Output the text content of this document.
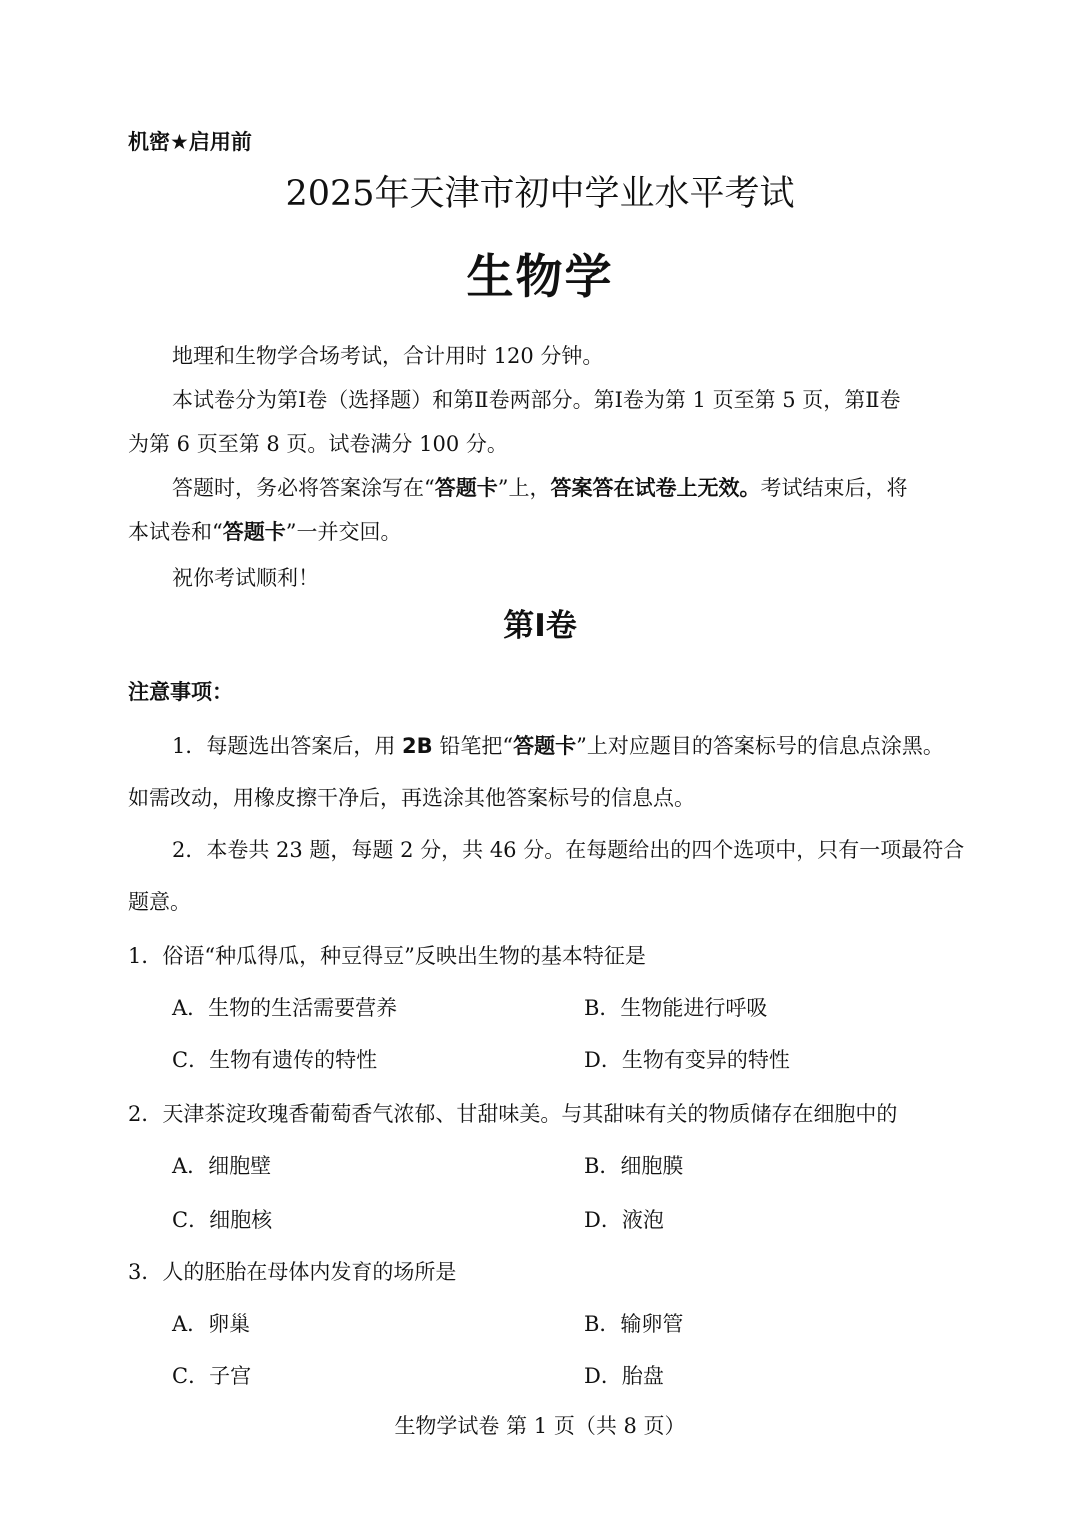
机密★启用前
2025年天津市初中学业水平考试
生物学
地理和生物学合场考试，合计用时 120 分钟。
本试卷分为第Ⅰ卷（选择题）和第Ⅱ卷两部分。第Ⅰ卷为第 1 页至第 5 页，第Ⅱ卷
为第 6 页至第 8 页。试卷满分 100 分。
答题时，务必将答案涂写在“答题卡”上，答案答在试卷上无效。考试结束后，将
本试卷和“答题卡”一并交回。
祝你考试顺利！
第Ⅰ卷
注意事项：
1．每题选出答案后，用 2B 铅笔把“答题卡”上对应题目的答案标号的信息点涂黑。
如需改动，用橡皮擦干净后，再选涂其他答案标号的信息点。
2．本卷共 23 题，每题 2 分，共 46 分。在每题给出的四个选项中，只有一项最符合
题意。
1．俗语“种瓜得瓜，种豆得豆”反映出生物的基本特征是
A．生物的生活需要营养	B．生物能进行呼吸
C．生物有遗传的特性	D．生物有变异的特性
2．天津茶淀玫瑰香葡萄香气浓郁、甘甜味美。与其甜味有关的物质储存在细胞中的
A．细胞壁	B．细胞膜
C．细胞核	D．液泡
3．人的胚胎在母体内发育的场所是
A．卵巢	B．输卵管
C．子宫	D．胎盘
生物学试卷 第 1 页（共 8 页）
